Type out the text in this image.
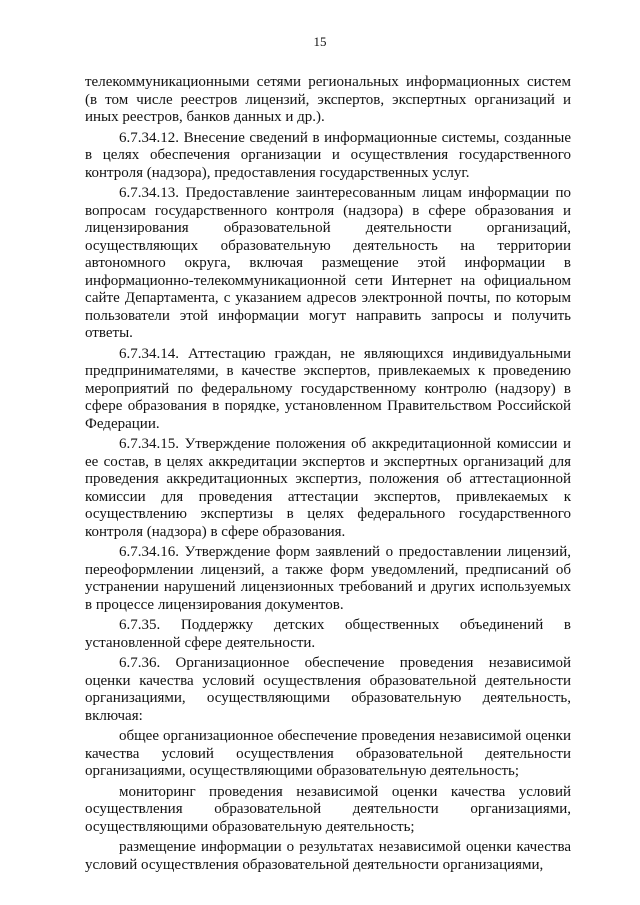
15

телекоммуникационными сетями региональных информационных систем (в том числе реестров лицензий, экспертов, экспертных организаций и иных реестров, банков данных и др.).

6.7.34.12. Внесение сведений в информационные системы, созданные в целях обеспечения организации и осуществления государственного контроля (надзора), предоставления государственных услуг.

6.7.34.13. Предоставление заинтересованным лицам информации по вопросам государственного контроля (надзора) в сфере образования и лицензирования образовательной деятельности организаций, осуществляющих образовательную деятельность на территории автономного округа, включая размещение этой информации в информационно-телекоммуникационной сети Интернет на официальном сайте Департамента, с указанием адресов электронной почты, по которым пользователи этой информации могут направить запросы и получить ответы.

6.7.34.14. Аттестацию граждан, не являющихся индивидуальными предпринимателями, в качестве экспертов, привлекаемых к проведению мероприятий по федеральному государственному контролю (надзору) в сфере образования в порядке, установленном Правительством Российской Федерации.

6.7.34.15. Утверждение положения об аккредитационной комиссии и ее состав, в целях аккредитации экспертов и экспертных организаций для проведения аккредитационных экспертиз, положения об аттестационной комиссии для проведения аттестации экспертов, привлекаемых к осуществлению экспертизы в целях федерального государственного контроля (надзора) в сфере образования.

6.7.34.16. Утверждение форм заявлений о предоставлении лицензий, переоформлении лицензий, а также форм уведомлений, предписаний об устранении нарушений лицензионных требований и других используемых в процессе лицензирования документов.

6.7.35. Поддержку детских общественных объединений в установленной сфере деятельности.

6.7.36. Организационное обеспечение проведения независимой оценки качества условий осуществления образовательной деятельности организациями, осуществляющими образовательную деятельность, включая:

общее организационное обеспечение проведения независимой оценки качества условий осуществления образовательной деятельности организациями, осуществляющими образовательную деятельность;

мониторинг проведения независимой оценки качества условий осуществления образовательной деятельности организациями, осуществляющими образовательную деятельность;

размещение информации о результатах независимой оценки качества условий осуществления образовательной деятельности организациями,
